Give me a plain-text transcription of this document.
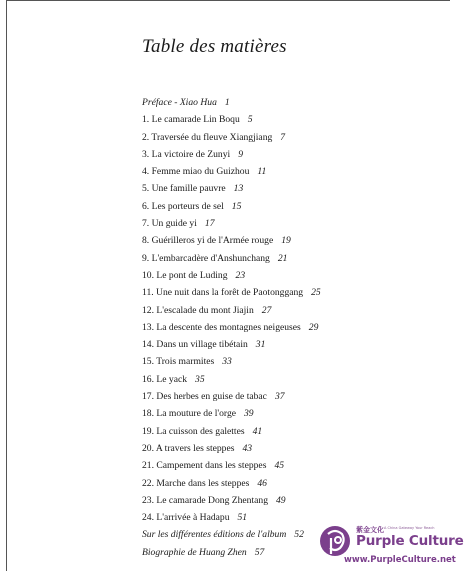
Table des matières
Préface - Xiao Hua 1
1. Le camarade Lin Boqu 5
2. Traversée du fleuve Xiangjiang 7
3. La victoire de Zunyi 9
4. Femme miao du Guizhou 11
5. Une famille pauvre 13
6. Les porteurs de sel 15
7. Un guide yi 17
8. Guérilleros yi de l'Armée rouge 19
9. L'embarcadère d'Anshunchang 21
10. Le pont de Luding 23
11. Une nuit dans la forêt de Paotonggang 25
12. L'escalade du mont Jiajin 27
13. La descente des montagnes neigeuses 29
14. Dans un village tibétain 31
15. Trois marmites 33
16. Le yack 35
17. Des herbes en guise de tabac 37
18. La mouture de l'orge 39
19. La cuisson des galettes 41
20. A travers les steppes 43
21. Campement dans les steppes 45
22. Marche dans les steppes 46
23. Le camarade Dong Zhentang 49
24. L'arrivée à Hadapu 51
Sur les différentes éditions de l'album 52
Biographie de Huang Zhen 57
紫金文化 A China Gateway Your Reach
Purple Culture
www.PurpleCulture.net
